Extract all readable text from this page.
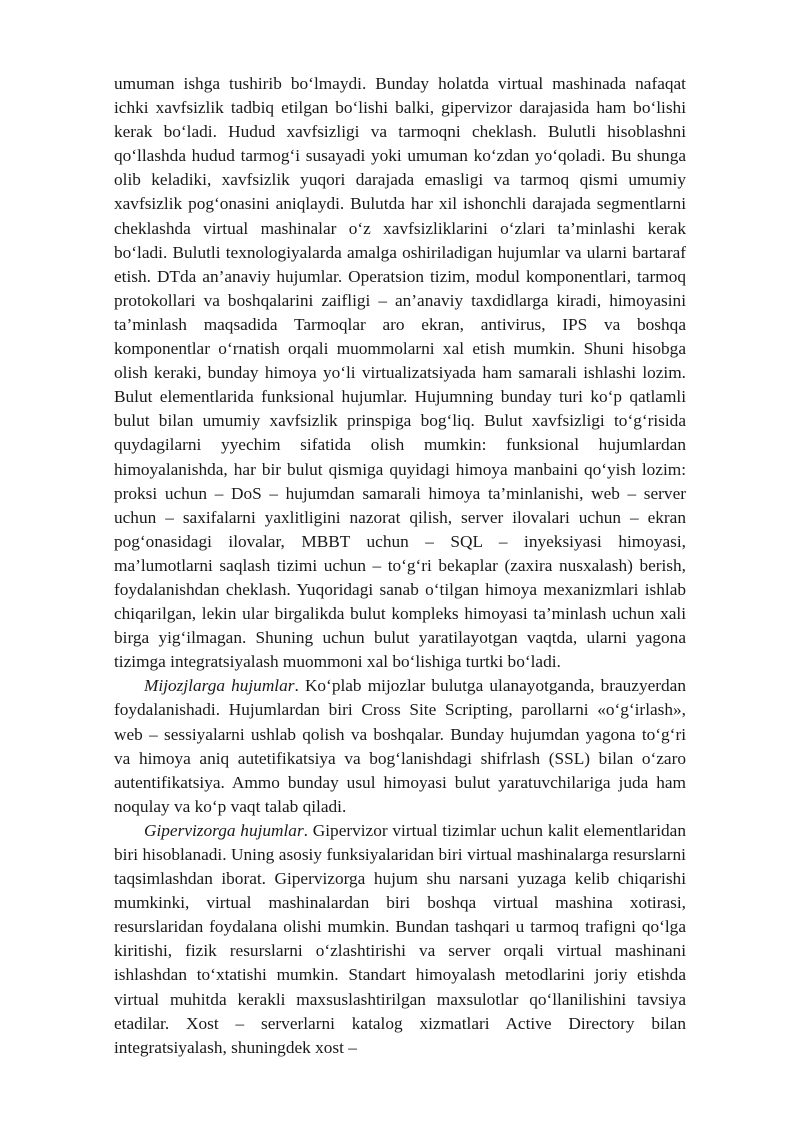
umuman ishga tushirib bo‘lmaydi. Bunday holatda virtual mashinada nafaqat ichki xavfsizlik tadbiq etilgan bo‘lishi balki, gipervizor darajasida ham bo‘lishi kerak bo‘ladi. Hudud xavfsizligi va tarmoqni cheklash. Bulutli hisoblashni qo‘llashda hudud tarmog‘i susayadi yoki umuman ko‘zdan yo‘qoladi. Bu shunga olib keladiki, xavfsizlik yuqori darajada emasligi va tarmoq qismi umumiy xavfsizlik pog‘onasini aniqlaydi. Bulutda har xil ishonchli darajada segmentlarni cheklashda virtual mashinalar o‘z xavfsizliklarini o‘zlari ta’minlashi kerak bo‘ladi. Bulutli texnologiyalarda amalga oshiriladigan hujumlar va ularni bartaraf etish. DTda an’anaviy hujumlar. Operatsion tizim, modul komponentlari, tarmoq protokollari va boshqalarini zaifligi – an’anaviy taxdidlarga kiradi, himoyasini ta’minlash maqsadida Tarmoqlar aro ekran, antivirus, IPS va boshqa komponentlar o‘rnatish orqali muommolarni xal etish mumkin. Shuni hisobga olish keraki, bunday himoya yo‘li virtualizatsiyada ham samarali ishlashi lozim. Bulut elementlarida funksional hujumlar. Hujumning bunday turi ko‘p qatlamli bulut bilan umumiy xavfsizlik prinspiga bog‘liq. Bulut xavfsizligi to‘g‘risida quydagilarni yyechim sifatida olish mumkin: funksional hujumlardan himoyalanishda, har bir bulut qismiga quyidagi himoya manbaini qo‘yish lozim: proksi uchun – DoS – hujumdan samarali himoya ta’minlanishi, web – server uchun – saxifalarni yaxlitligini nazorat qilish, server ilovalari uchun – ekran pog‘onasidagi ilovalar, MBBT uchun – SQL – inyeksiyasi himoyasi, ma’lumotlarni saqlash tizimi uchun – to‘g‘ri bekaplar (zaxira nusxalash) berish, foydalanishdan cheklash. Yuqoridagi sanab o‘tilgan himoya mexanizmlari ishlab chiqarilgan, lekin ular birgalikda bulut kompleks himoyasi ta’minlash uchun xali birga yig‘ilmagan. Shuning uchun bulut yaratilayotgan vaqtda, ularni yagona tizimga integratsiyalash muommoni xal bo‘lishiga turtki bo‘ladi.

Mijozjlarga hujumlar. Ko‘plab mijozlar bulutga ulanayotganda, brauzyerdan foydalanishadi. Hujumlardan biri Cross Site Scripting, parollarni «o‘g‘irlash», web – sessiyalarni ushlab qolish va boshqalar. Bunday hujumdan yagona to‘g‘ri va himoya aniq autetifikatsiya va bog‘lanishdagi shifrlash (SSL) bilan o‘zaro autentifikatsiya. Ammo bunday usul himoyasi bulut yaratuvchilariga juda ham noqulay va ko‘p vaqt talab qiladi.

Gipervizorga hujumlar. Gipervizor virtual tizimlar uchun kalit elementlaridan biri hisoblanadi. Uning asosiy funksiyalaridan biri virtual mashinalarga resurslarni taqsimlashdan iborat. Gipervizorga hujum shu narsani yuzaga kelib chiqarishi mumkinki, virtual mashinalardan biri boshqa virtual mashina xotirasi, resurslaridan foydalana olishi mumkin. Bundan tashqari u tarmoq trafigni qo‘lga kiritishi, fizik resurslarni o‘zlashtirishi va server orqali virtual mashinani ishlashdan to‘xtatishi mumkin. Standart himoyalash metodlarini joriy etishda virtual muhitda kerakli maxsuslashtirilgan maxsulotlar qo‘llanilishini tavsiya etadilar. Xost – serverlarni katalog xizmatlari Active Directory bilan integratsiyalash, shuningdek xost –
